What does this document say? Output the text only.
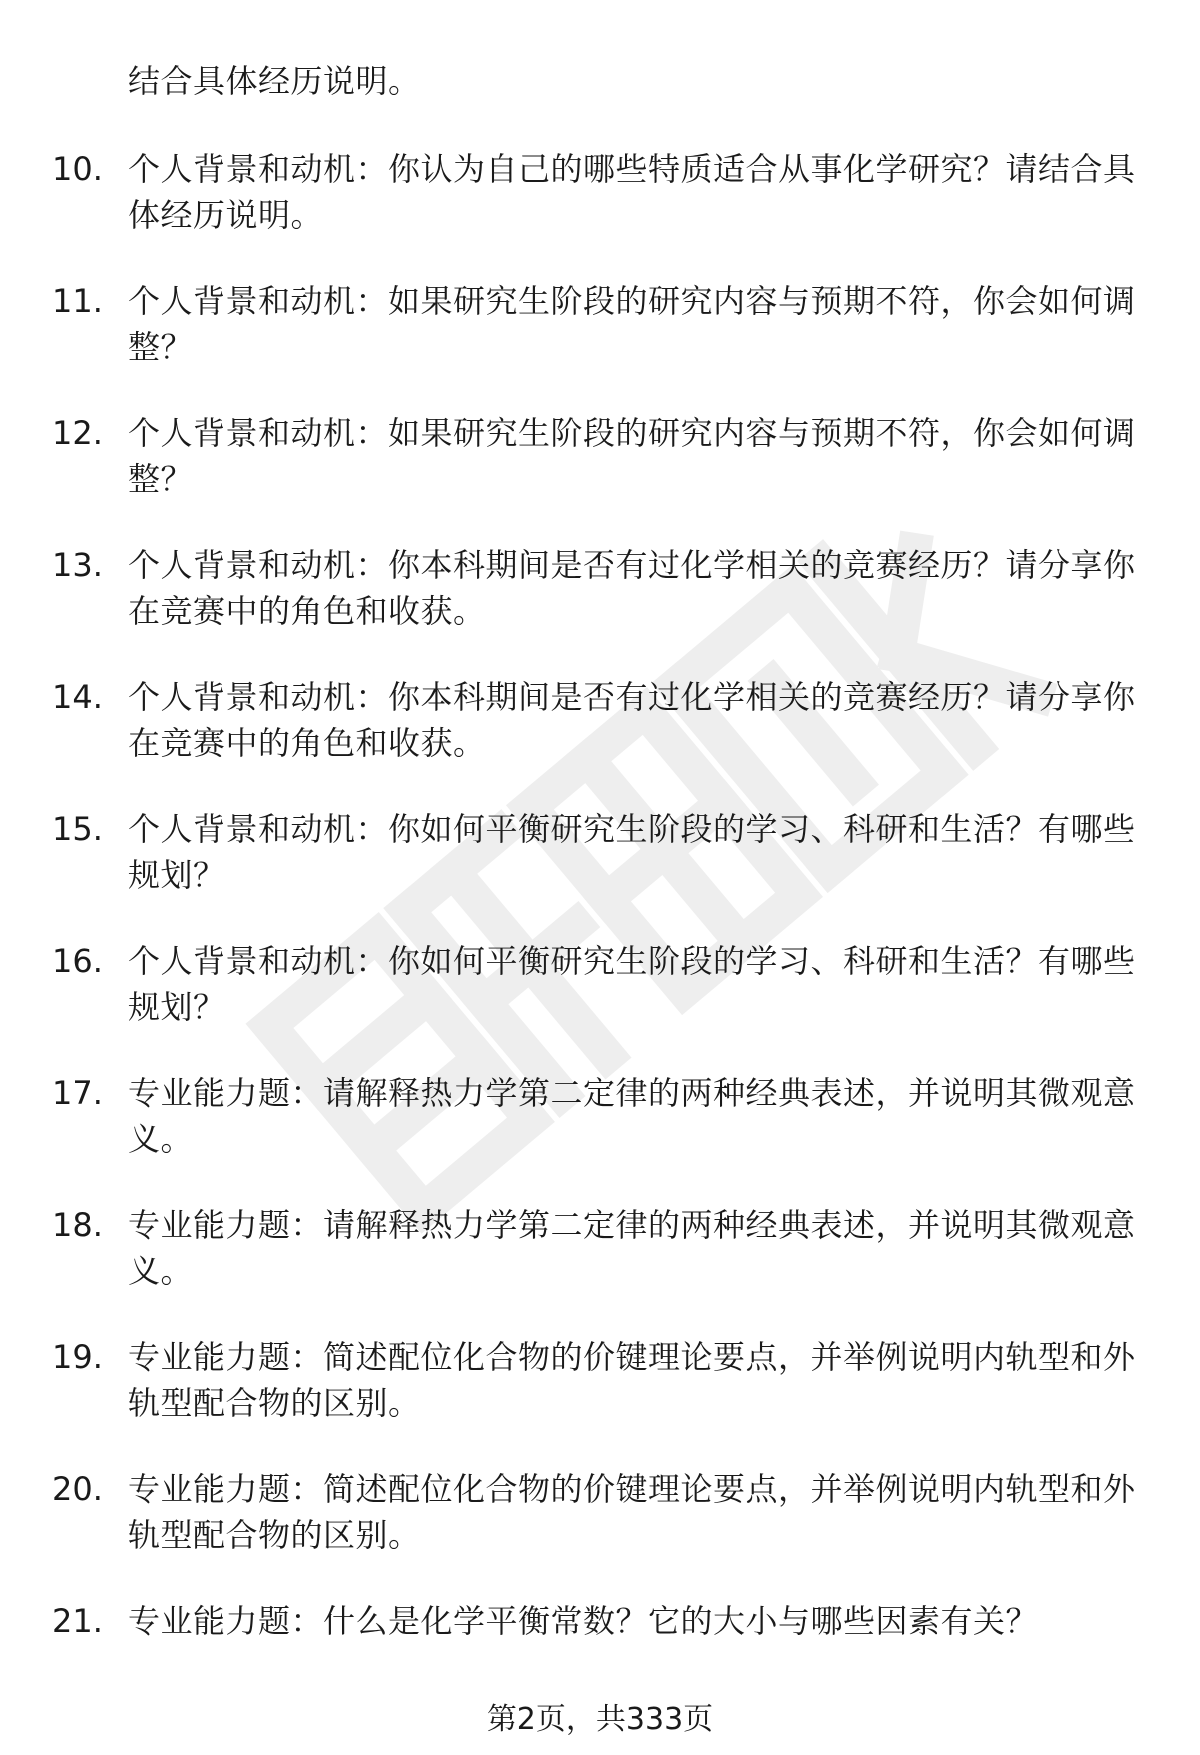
结合具体经历说明。
10. 个人背景和动机：你认为自己的哪些特质适合从事化学研究？请结合具体经历说明。
11. 个人背景和动机：如果研究生阶段的研究内容与预期不符，你会如何调整？
12. 个人背景和动机：如果研究生阶段的研究内容与预期不符，你会如何调整？
13. 个人背景和动机：你本科期间是否有过化学相关的竞赛经历？请分享你在竞赛中的角色和收获。
14. 个人背景和动机：你本科期间是否有过化学相关的竞赛经历？请分享你在竞赛中的角色和收获。
15. 个人背景和动机：你如何平衡研究生阶段的学习、科研和生活？有哪些规划？
16. 个人背景和动机：你如何平衡研究生阶段的学习、科研和生活？有哪些规划？
17. 专业能力题：请解释热力学第二定律的两种经典表述，并说明其微观意义。
18. 专业能力题：请解释热力学第二定律的两种经典表述，并说明其微观意义。
19. 专业能力题：简述配位化合物的价键理论要点，并举例说明内轨型和外轨型配合物的区别。
20. 专业能力题：简述配位化合物的价键理论要点，并举例说明内轨型和外轨型配合物的区别。
21. 专业能力题：什么是化学平衡常数？它的大小与哪些因素有关？
第2页，共333页
